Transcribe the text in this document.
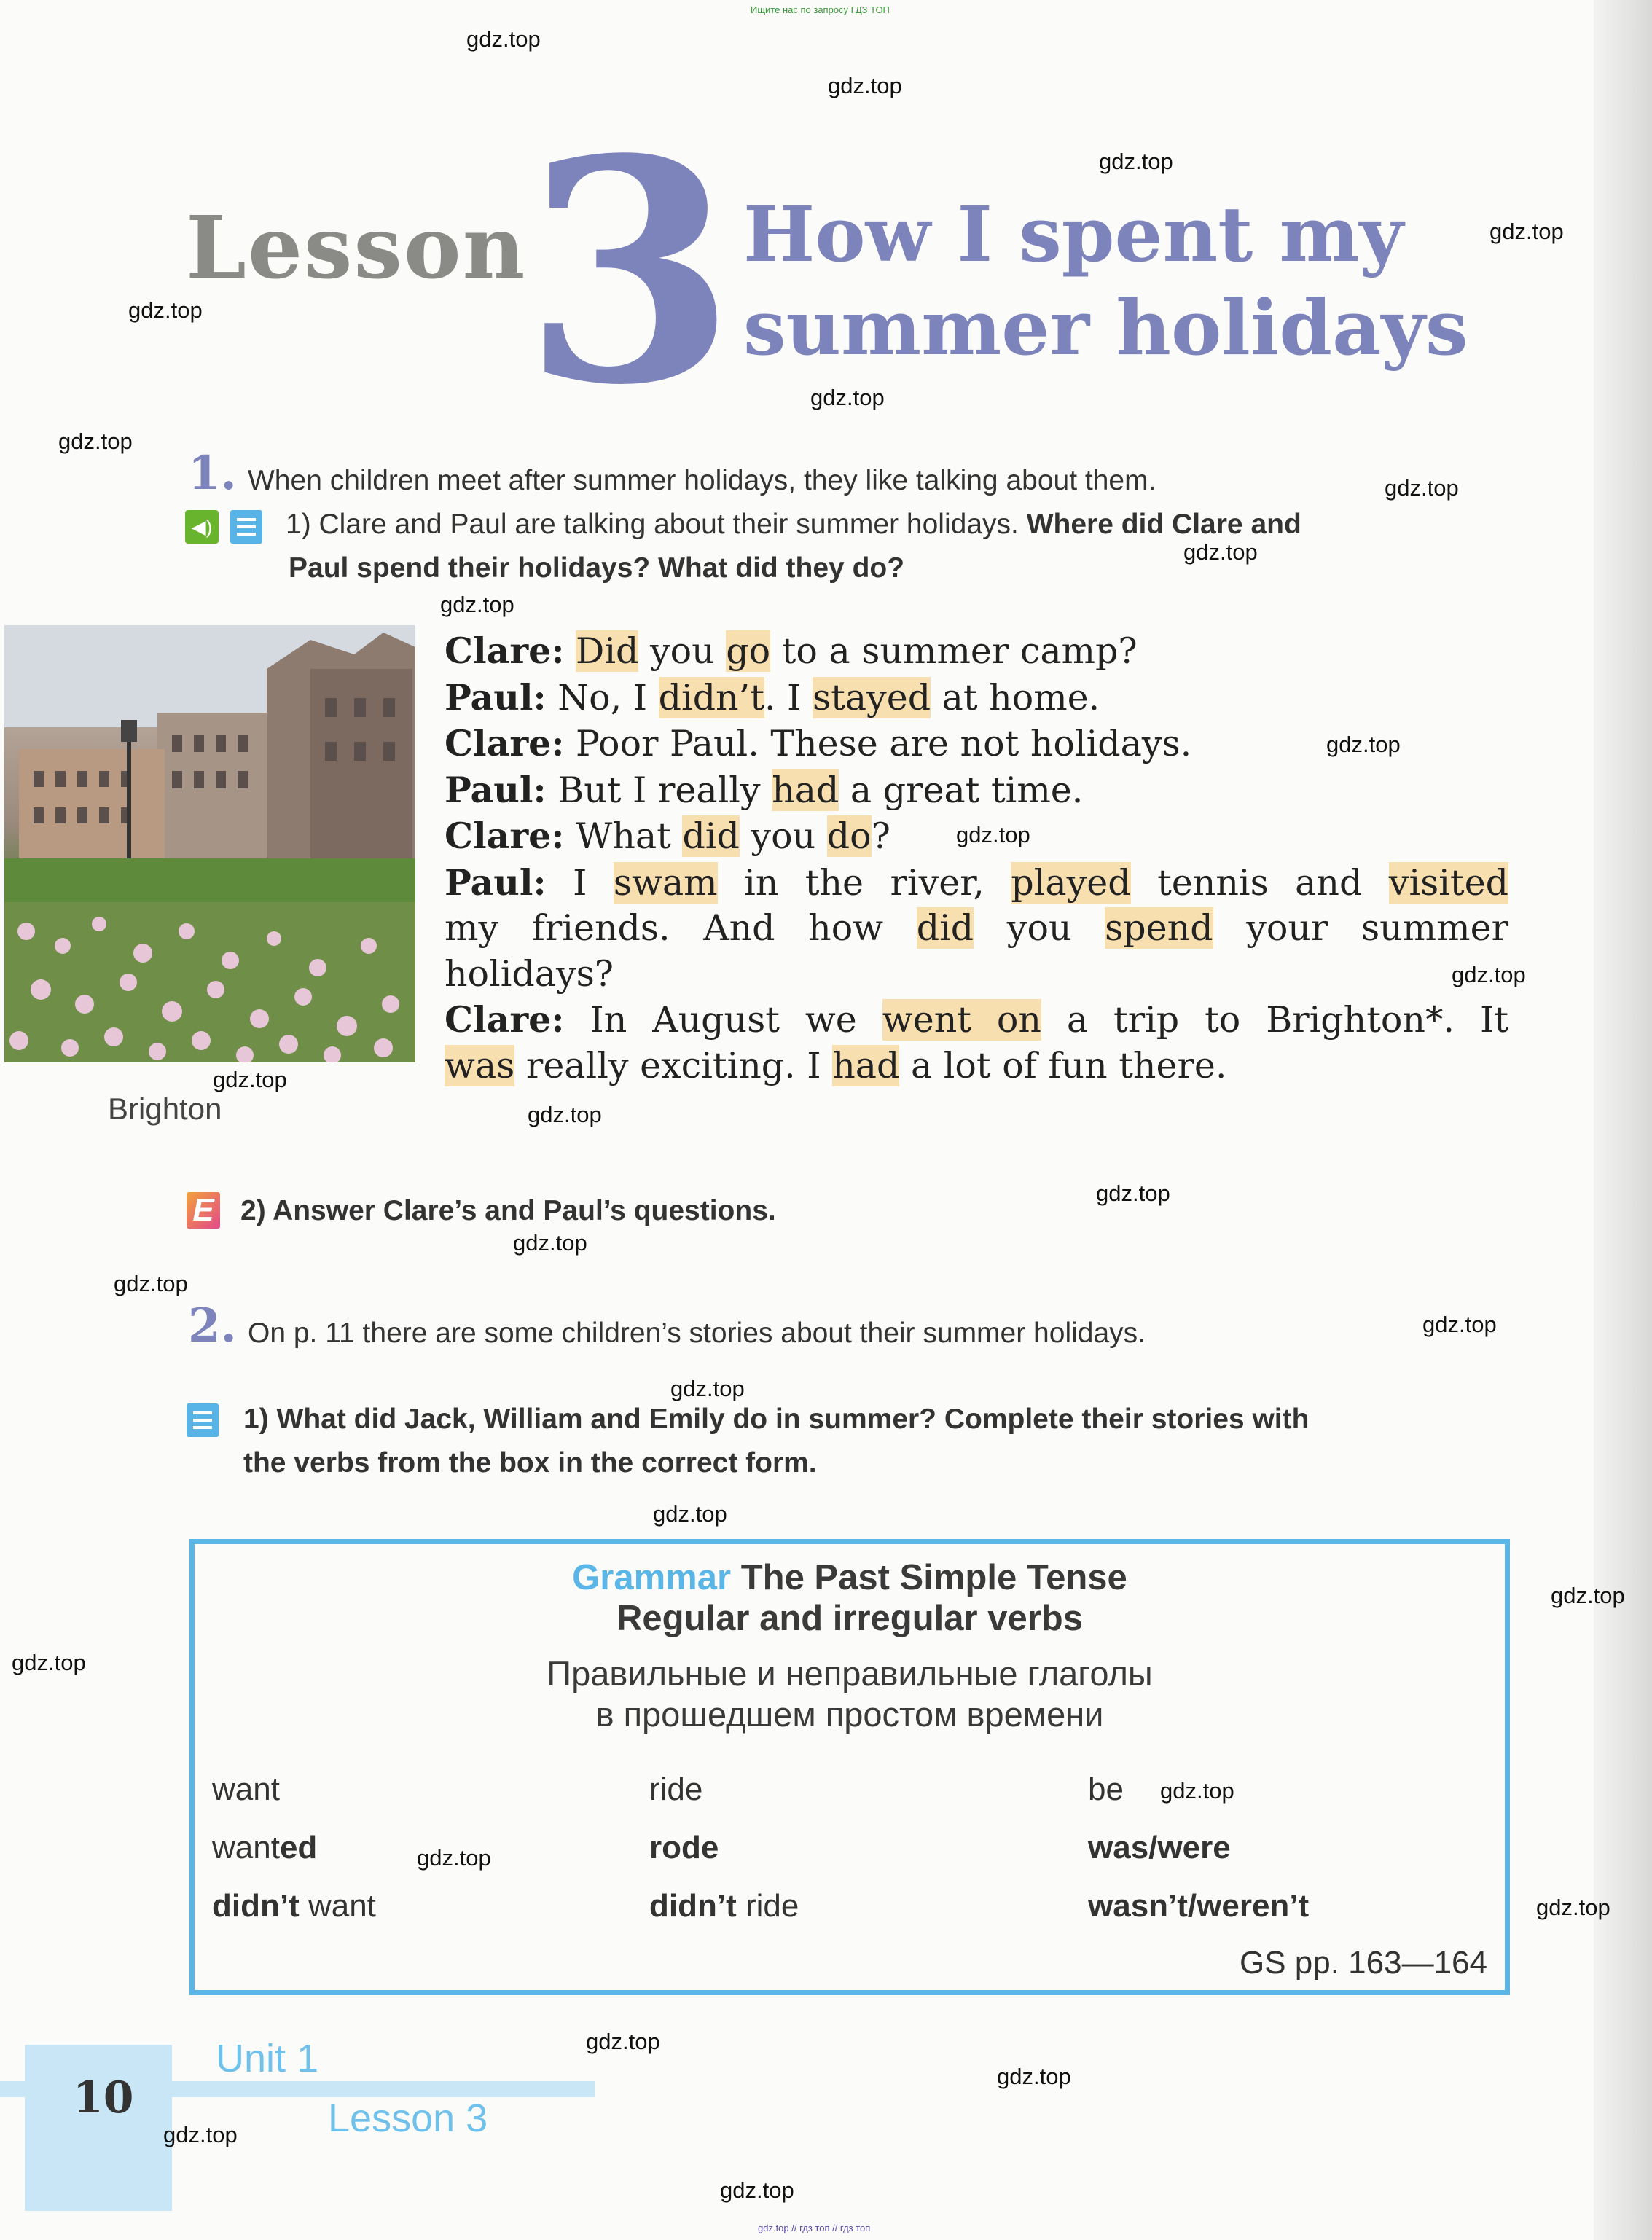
Ищите нас по запросу ГДЗ ТОП
Lesson
3 How I spent my
summer holidays
1. When children meet after summer holidays, they like talking about them.
◀)	1) Clare and Paul are talking about their summer holidays. Where did Clare and
Paul spend their holidays? What did they do?
Brighton

Clare: Did you go to a summer camp?

Paul: No, I didn’t. I stayed at home.

Clare: Poor Paul. These are not holidays.

Paul: But I really had a great time.

Clare: What did you do?

Paul: I swam in the river, played tennis and visited

my friends. And how did you spend your summer

holidays?

Clare: In August we went on a trip to Brighton*. It

was really exciting. I had a lot of fun there.

E 2) Answer Clare’s and Paul’s questions.
2. On p. 11 there are some children’s stories about their summer holidays.
1) What did Jack, William and Emily do in summer? Complete their stories with
the verbs from the box in the correct form.
Grammar The Past Simple Tense
Regular and irregular verbs
Правильные и неправильные глаголы
в прошедшем простом времени
want
wanted
didn’t want
ride
rode
didn’t ride
be
was/were
wasn’t/weren’t
GS pp. 163—164
10
Unit 1
Lesson 3
gdz.top // гдз топ // гдз топ
gdz.top
gdz.top
gdz.top
gdz.top
gdz.top
gdz.top
gdz.top
gdz.top
gdz.top
gdz.top
gdz.top
gdz.top
gdz.top
gdz.top
gdz.top
gdz.top
gdz.top
gdz.top
gdz.top
gdz.top
gdz.top
gdz.top
gdz.top
gdz.top
gdz.top
gdz.top
gdz.top
gdz.top
gdz.top
gdz.top
